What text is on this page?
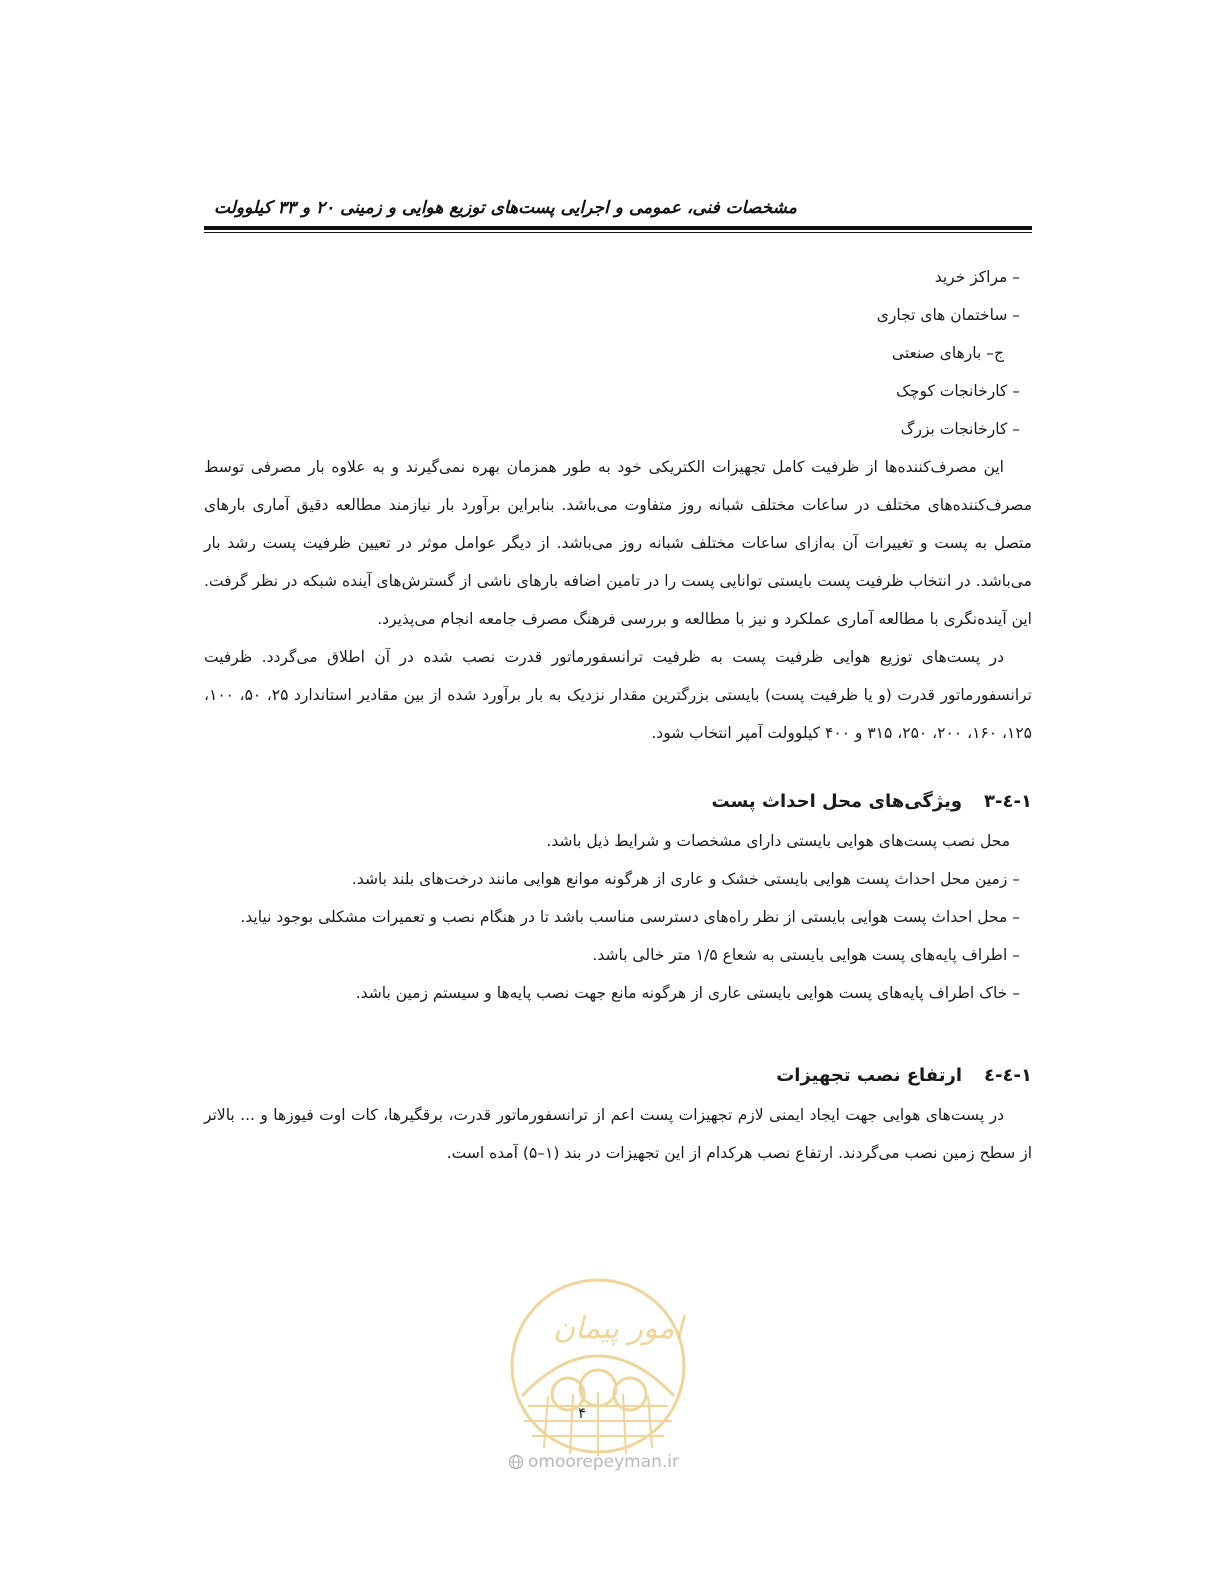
مشخصات فنی، عمومی و اجرایی پست‌های توزیع هوایی و زمینی ۲۰ و ۳۳ کیلوولت

– مراکز خرید

– ساختمان های تجاری

ج– بارهای صنعتی

– کارخانجات کوچک

– کارخانجات بزرگ

این مصرف‌کننده‌ها از ظرفیت کامل تجهیزات الکتریکی خود به طور همزمان بهره نمی‌گیرند و به علاوه بار مصرفی توسط مصرف‌کننده‌های مختلف در ساعات مختلف شبانه روز متفاوت می‌باشد. بنابراین برآورد بار نیازمند مطالعه دقیق آماری بارهای متصل به پست و تغییرات آن به‌ازای ساعات مختلف شبانه روز می‌باشد. از دیگر عوامل موثر در تعیین ظرفیت پست رشد بار می‌باشد. در انتخاب ظرفیت پست بایستی توانایی پست را در تامین اضافه بارهای ناشی از گسترش‌های آینده شبکه در نظر گرفت. این آینده‌نگری با مطالعه آماری عملکرد و نیز با مطالعه و بررسی فرهنگ مصرف جامعه انجام می‌پذیرد.

در پست‌های توزیع هوایی ظرفیت پست به ظرفیت ترانسفورماتور قدرت نصب شده در آن اطلاق می‌گردد. ظرفیت ترانسفورماتور قدرت (و یا ظرفیت پست) بایستی بزرگترین مقدار نزدیک به بار برآورد شده از بین مقادیر استاندارد ۲۵، ۵۰، ۱۰۰، ۱۲۵، ۱۶۰، ۲۰۰، ۲۵۰، ۳۱۵ و ۴۰۰ کیلوولت آمپر انتخاب شود.

۱-٤-۳ویژگی‌های محل احداث پست

محل نصب پست‌های هوایی بایستی دارای مشخصات و شرایط ذیل باشد.

– زمین محل احداث پست هوایی بایستی خشک و عاری از هرگونه موانع هوایی مانند درخت‌های بلند باشد.

– محل احداث پست هوایی بایستی از نظر راه‌های دسترسی مناسب باشد تا در هنگام نصب و تعمیرات مشکلی بوجود نیاید.

– اطراف پایه‌های پست هوایی بایستی به شعاع ۱/۵ متر خالی باشد.

– خاک اطراف پایه‌های پست هوایی بایستی عاری از هرگونه مانع جهت نصب پایه‌ها و سیستم زمین باشد.

۱-٤-٤ارتفاع نصب تجهیزات

در پست‌های هوایی جهت ایجاد ایمنی لازم تجهیزات پست اعم از ترانسفورماتور قدرت، برقگیرها، کات اوت فیوزها و ... بالاتر از سطح زمین نصب می‌گردند. ارتفاع نصب هرکدام از این تجهیزات در بند (۱–۵) آمده است.

امور پیمان
۴
omoorepeyman.ir
